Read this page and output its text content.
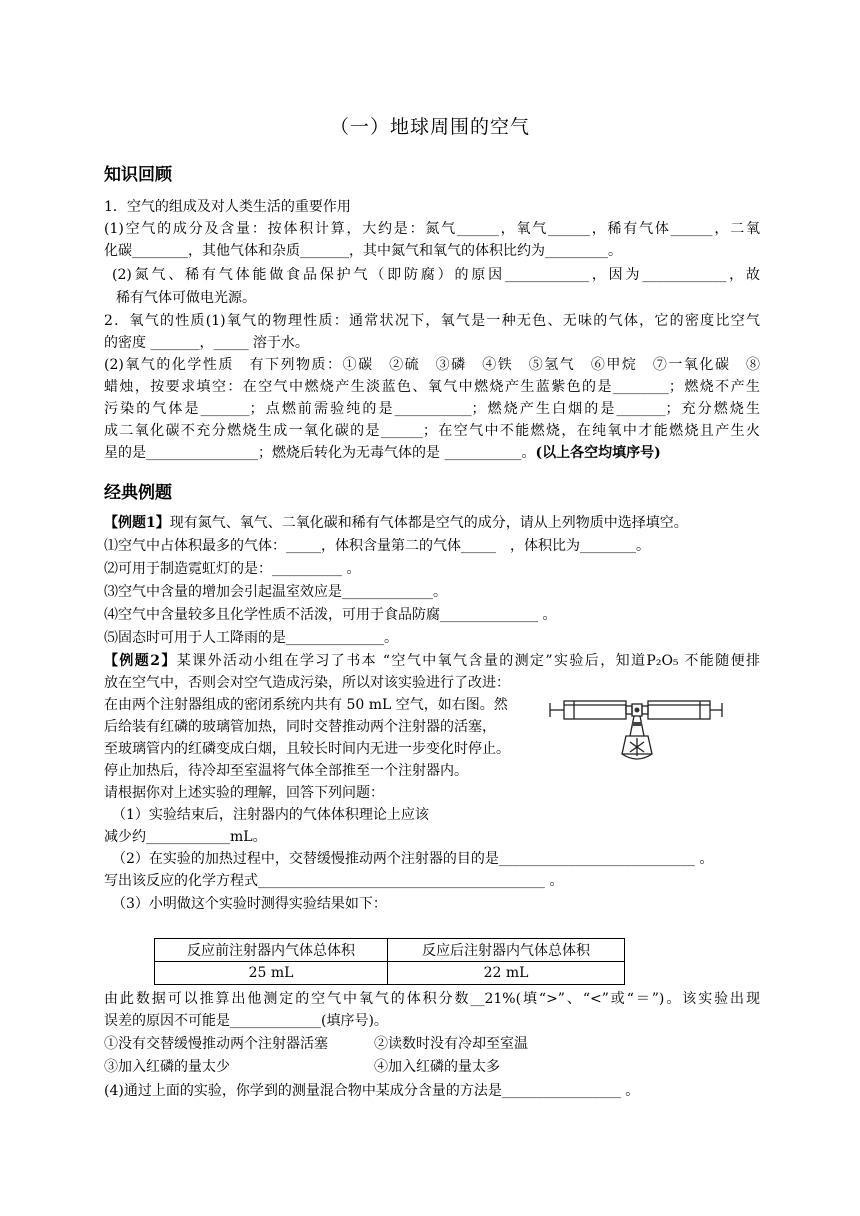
（一）地球周围的空气
知识回顾
1．空气的组成及对人类生活的重要作用
(1)空气的成分及含量：按体积计算，大约是：氮气______，氧气______，稀有气体______，二氧
化碳________，其他气体和杂质_______，其中氮气和氧气的体积比约为_________。
(2)氮气、稀有气体能做食品保护气（即防腐）的原因____________，因为____________，故
稀有气体可做电光源。
2．氧气的性质(1)氧气的物理性质：通常状况下，氧气是一种无色、无味的气体，它的密度比空气
的密度 _______，_____ 溶于水。
(2)氧气的化学性质　有下列物质：①碳　②硫　③磷　④铁　⑤氢气　⑥甲烷　⑦一氧化碳　⑧
蜡烛，按要求填空：在空气中燃烧产生淡蓝色、氧气中燃烧产生蓝紫色的是________；燃烧不产生
污染的气体是_______；点燃前需验纯的是___________；燃烧产生白烟的是_______；充分燃烧生
成二氧化碳不充分燃烧生成一氧化碳的是______；在空气中不能燃烧，在纯氧中才能燃烧且产生火
星的是________________；燃烧后转化为无毒气体的是 ___________。(以上各空均填序号)
经典例题
【例题1】现有氮气、氧气、二氧化碳和稀有气体都是空气的成分，请从上列物质中选择填空。
⑴空气中占体积最多的气体：_____，体积含量第二的气体_____　，体积比为________。
⑵可用于制造霓虹灯的是：__________ 。
⑶空气中含量的增加会引起温室效应是_____________。
⑷空气中含量较多且化学性质不活泼，可用于食品防腐______________ 。
⑸固态时可用于人工降雨的是______________。
【例题2】某课外活动小组在学习了书本 “空气中氧气含量的测定”实验后，知道P₂O₅ 不能随便排
放在空气中，否则会对空气造成污染，所以对该实验进行了改进：
在由两个注射器组成的密闭系统内共有 50 mL 空气，如右图。然
后给装有红磷的玻璃管加热，同时交替推动两个注射器的活塞，
至玻璃管内的红磷变成白烟，且较长时间内无进一步变化时停止。
停止加热后，待冷却至室温将气体全部推至一个注射器内。
请根据你对上述实验的理解，回答下列问题：
（1）实验结束后，注射器内的气体体积理论上应该
减少约____________mL。
（2）在实验的加热过程中，交替缓慢推动两个注射器的目的是____________________________ 。
写出该反应的化学方程式_________________________________________ 。
（3）小明做这个实验时测得实验结果如下：
反应前注射器内气体总体积	反应后注射器内气体总体积
25 mL	22 mL
由此数据可以推算出他测定的空气中氧气的体积分数__21%(填“>”、“<”或“＝”)。该实验出现
误差的原因不可能是_____________(填序号)。
①没有交替缓慢推动两个注射器活塞	②读数时没有冷却至室温
③加入红磷的量太少	④加入红磷的量太多
(4)通过上面的实验，你学到的测量混合物中某成分含量的方法是_________________ 。
